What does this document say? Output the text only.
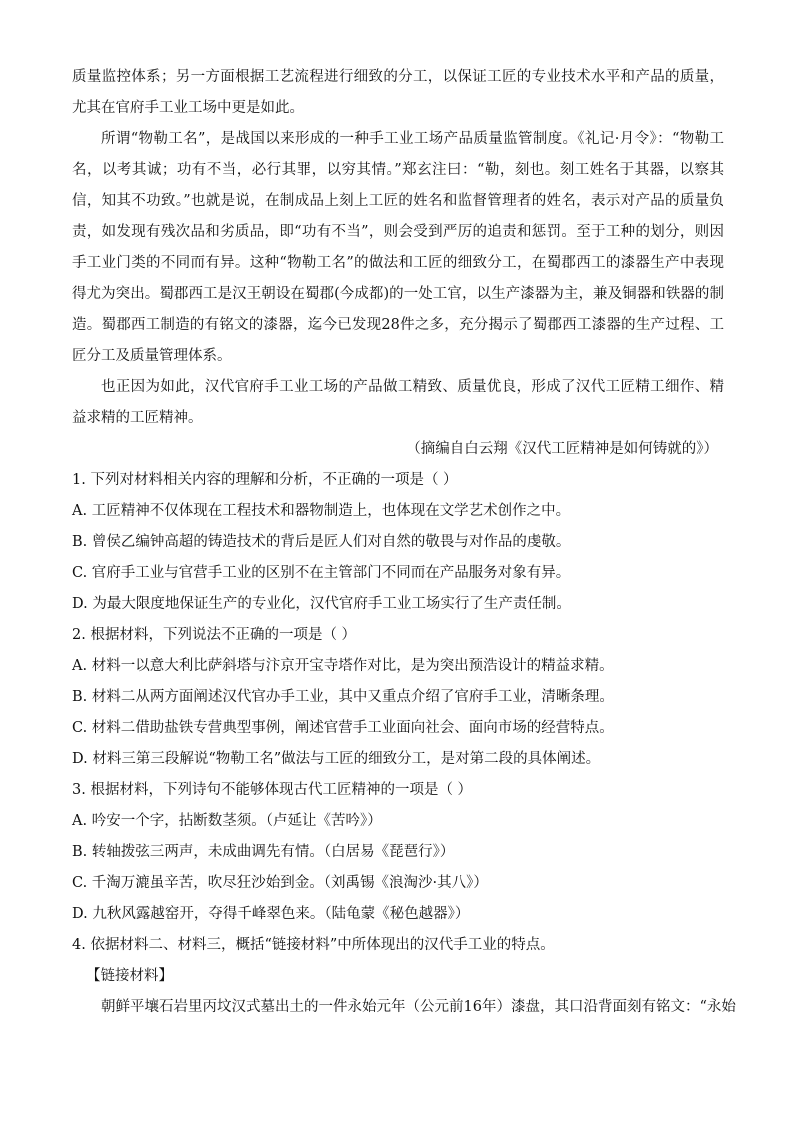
质量监控体系；另一方面根据工艺流程进行细致的分工，以保证工匠的专业技术水平和产品的质量，尤其在官府手工业工场中更是如此。

所谓“物勒工名”，是战国以来形成的一种手工业工场产品质量监管制度。《礼记·月令》：“物勒工名，以考其诚；功有不当，必行其罪，以穷其情。”郑玄注曰：“勒，刻也。刻工姓名于其器，以察其信，知其不功致。”也就是说，在制成品上刻上工匠的姓名和监督管理者的姓名，表示对产品的质量负责，如发现有残次品和劣质品，即“功有不当”，则会受到严厉的追责和惩罚。至于工种的划分，则因手工业门类的不同而有异。这种“物勒工名”的做法和工匠的细致分工，在蜀郡西工的漆器生产中表现得尤为突出。蜀郡西工是汉王朝设在蜀郡(今成都)的一处工官，以生产漆器为主，兼及铜器和铁器的制造。蜀郡西工制造的有铭文的漆器，迄今已发现28件之多，充分揭示了蜀郡西工漆器的生产过程、工匠分工及质量管理体系。

也正因为如此，汉代官府手工业工场的产品做工精致、质量优良，形成了汉代工匠精工细作、精益求精的工匠精神。

（摘编自白云翔《汉代工匠精神是如何铸就的》）

1. 下列对材料相关内容的理解和分析，不正确的一项是（ ）

A. 工匠精神不仅体现在工程技术和器物制造上，也体现在文学艺术创作之中。

B. 曾侯乙编钟高超的铸造技术的背后是匠人们对自然的敬畏与对作品的虔敬。

C. 官府手工业与官营手工业的区别不在主管部门不同而在产品服务对象有异。

D. 为最大限度地保证生产的专业化，汉代官府手工业工场实行了生产责任制。

2. 根据材料，下列说法不正确的一项是（ ）

A. 材料一以意大利比萨斜塔与汴京开宝寺塔作对比，是为突出预浩设计的精益求精。

B. 材料二从两方面阐述汉代官办手工业，其中又重点介绍了官府手工业，清晰条理。

C. 材料二借助盐铁专营典型事例，阐述官营手工业面向社会、面向市场的经营特点。

D. 材料三第三段解说“物勒工名”做法与工匠的细致分工，是对第二段的具体阐述。

3. 根据材料，下列诗句不能够体现古代工匠精神的一项是（ ）

A. 吟安一个字，拈断数茎须。（卢延让《苦吟》）

B. 转轴拨弦三两声，未成曲调先有情。（白居易《琵琶行》）

C. 千淘万漉虽辛苦，吹尽狂沙始到金。（刘禹锡《浪淘沙·其八》）

D. 九秋风露越窑开，夺得千峰翠色来。（陆龟蒙《秘色越器》）

4. 依据材料二、材料三，概括“链接材料”中所体现出的汉代手工业的特点。

【链接材料】

朝鲜平壤石岩里丙坟汉式墓出土的一件永始元年（公元前16年）漆盘，其口沿背面刻有铭文：“永始
